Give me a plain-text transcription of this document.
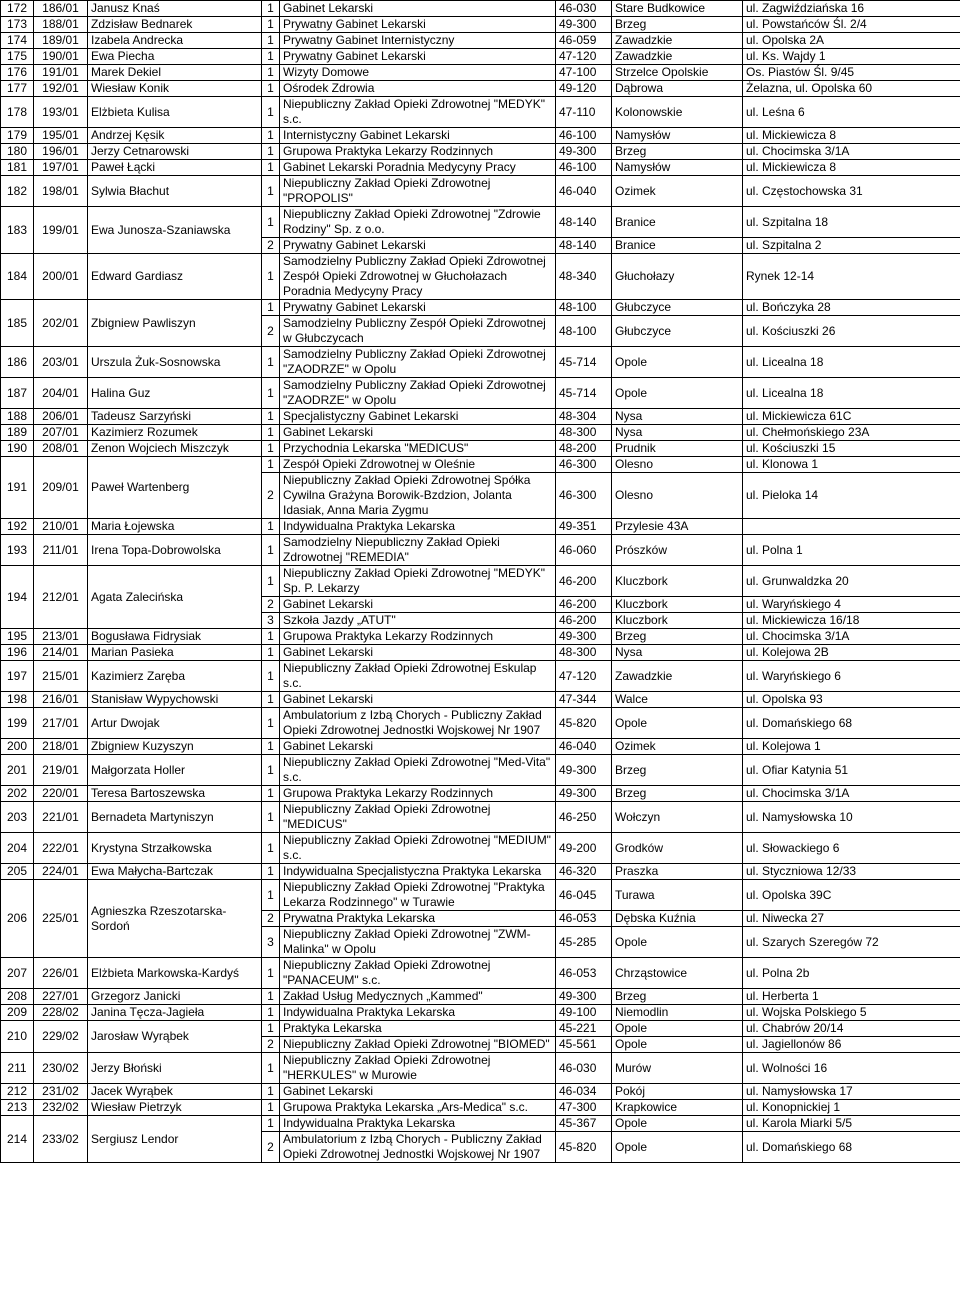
172	186/01	Janusz Knaś	1	Gabinet Lekarski	46-030	Stare Budkowice	ul. Zagwiździańska 16
173	188/01	Zdzisław Bednarek	1	Prywatny Gabinet Lekarski	49-300	Brzeg	ul. Powstańców Śl. 2/4
174	189/01	Izabela Andrecka	1	Prywatny Gabinet Internistyczny	46-059	Zawadzkie	ul. Opolska 2A
175	190/01	Ewa Piecha	1	Prywatny Gabinet Lekarski	47-120	Zawadzkie	ul. Ks. Wajdy 1
176	191/01	Marek Dekiel	1	Wizyty Domowe	47-100	Strzelce Opolskie	Os. Piastów Śl. 9/45
177	192/01	Wiesław Konik	1	Ośrodek Zdrowia	49-120	Dąbrowa	Żelazna, ul. Opolska 60
178	193/01	Elżbieta Kulisa	1	Niepubliczny Zakład Opieki Zdrowotnej "MEDYK" s.c.	47-110	Kolonowskie	ul. Leśna 6
179	195/01	Andrzej Kęsik	1	Internistyczny Gabinet Lekarski	46-100	Namysłów	ul. Mickiewicza 8
180	196/01	Jerzy Cetnarowski	1	Grupowa Praktyka Lekarzy Rodzinnych	49-300	Brzeg	ul. Chocimska 3/1A
181	197/01	Paweł Łącki	1	Gabinet Lekarski Poradnia Medycyny Pracy	46-100	Namysłów	ul. Mickiewicza 8
182	198/01	Sylwia Błachut	1	Niepubliczny Zakład Opieki Zdrowotnej "PROPOLIS"	46-040	Ozimek	ul. Częstochowska 31
183	199/01	Ewa Junosza-Szaniawska	1	Niepubliczny Zakład Opieki Zdrowotnej "Zdrowie Rodziny" Sp. z o.o.	48-140	Branice	ul. Szpitalna 18
			2	Prywatny Gabinet Lekarski	48-140	Branice	ul. Szpitalna 2
184	200/01	Edward Gardiasz	1	Samodzielny Publiczny Zakład Opieki Zdrowotnej Zespół Opieki Zdrowotnej w Głuchołazach Poradnia Medycyny Pracy	48-340	Głuchołazy	Rynek 12-14
185	202/01	Zbigniew Pawliszyn	1	Prywatny Gabinet Lekarski	48-100	Głubczyce	ul. Bończyka 28
			2	Samodzielny Publiczny Zespół Opieki Zdrowotnej w Głubczycach	48-100	Głubczyce	ul. Kościuszki 26
186	203/01	Urszula Żuk-Sosnowska	1	Samodzielny Publiczny Zakład Opieki Zdrowotnej "ZAODRZE" w Opolu	45-714	Opole	ul. Licealna 18
187	204/01	Halina Guz	1	Samodzielny Publiczny Zakład Opieki Zdrowotnej "ZAODRZE" w Opolu	45-714	Opole	ul. Licealna 18
188	206/01	Tadeusz Sarzyński	1	Specjalistyczny Gabinet Lekarski	48-304	Nysa	ul. Mickiewicza 61C
189	207/01	Kazimierz Rozumek	1	Gabinet Lekarski	48-300	Nysa	ul. Chełmońskiego 23A
190	208/01	Zenon Wojciech Miszczyk	1	Przychodnia Lekarska "MEDICUS"	48-200	Prudnik	ul. Kościuszki 15
191	209/01	Paweł Wartenberg	1	Zespół Opieki Zdrowotnej w Oleśnie	46-300	Olesno	ul. Klonowa 1
			2	Niepubliczny Zakład Opieki Zdrowotnej Spółka Cywilna Grażyna Borowik-Bzdzion, Jolanta Idasiak, Anna Maria Zygmu	46-300	Olesno	ul. Pieloka 14
192	210/01	Maria Łojewska	1	Indywidualna Praktyka Lekarska	49-351	Przylesie 43A	
193	211/01	Irena Topa-Dobrowolska	1	Samodzielny Niepubliczny Zakład Opieki Zdrowotnej "REMEDIA"	46-060	Prószków	ul. Polna 1
194	212/01	Agata Zalecińska	1	Niepubliczny Zakład Opieki Zdrowotnej "MEDYK" Sp. P. Lekarzy	46-200	Kluczbork	ul. Grunwaldzka 20
			2	Gabinet Lekarski	46-200	Kluczbork	ul. Waryńskiego 4
			3	Szkoła Jazdy „ATUT"	46-200	Kluczbork	ul. Mickiewicza 16/18
195	213/01	Bogusława Fidrysiak	1	Grupowa Praktyka Lekarzy Rodzinnych	49-300	Brzeg	ul. Chocimska 3/1A
196	214/01	Marian Pasieka	1	Gabinet Lekarski	48-300	Nysa	ul. Kolejowa 2B
197	215/01	Kazimierz Zaręba	1	Niepubliczny Zakład Opieki Zdrowotnej Eskulap s.c.	47-120	Zawadzkie	ul. Waryńskiego 6
198	216/01	Stanisław Wypychowski	1	Gabinet Lekarski	47-344	Walce	ul. Opolska 93
199	217/01	Artur Dwojak	1	Ambulatorium z Izbą Chorych - Publiczny Zakład Opieki Zdrowotnej Jednostki Wojskowej Nr 1907	45-820	Opole	ul. Domańskiego 68
200	218/01	Zbigniew Kuzyszyn	1	Gabinet Lekarski	46-040	Ozimek	ul. Kolejowa 1
201	219/01	Małgorzata Holler	1	Niepubliczny Zakład Opieki Zdrowotnej "Med-Vita" s.c.	49-300	Brzeg	ul. Ofiar Katynia 51
202	220/01	Teresa Bartoszewska	1	Grupowa Praktyka Lekarzy Rodzinnych	49-300	Brzeg	ul. Chocimska 3/1A
203	221/01	Bernadeta Martyniszyn	1	Niepubliczny Zakład Opieki Zdrowotnej "MEDICUS"	46-250	Wołczyn	ul. Namysłowska 10
204	222/01	Krystyna Strzałkowska	1	Niepubliczny Zakład Opieki Zdrowotnej "MEDIUM" s.c.	49-200	Grodków	ul. Słowackiego 6
205	224/01	Ewa Małycha-Bartczak	1	Indywidualna Specjalistyczna Praktyka Lekarska	46-320	Praszka	ul. Styczniowa 12/33
206	225/01	Agnieszka Rzeszotarska-Sordoń	1	Niepubliczny Zakład Opieki Zdrowotnej "Praktyka Lekarza Rodzinnego" w Turawie	46-045	Turawa	ul. Opolska 39C
			2	Prywatna Praktyka Lekarska	46-053	Dębska Kuźnia	ul. Niwecka 27
			3	Niepubliczny Zakład Opieki Zdrowotnej "ZWM-Malinka" w Opolu	45-285	Opole	ul. Szarych Szeregów 72
207	226/01	Elżbieta Markowska-Kardyś	1	Niepubliczny Zakład Opieki Zdrowotnej "PANACEUM" s.c.	46-053	Chrząstowice	ul. Polna 2b
208	227/01	Grzegorz Janicki	1	Zakład Usług Medycznych „Kammed"	49-300	Brzeg	ul. Herberta 1
209	228/02	Janina Tęcza-Jagieła	1	Indywidualna Praktyka Lekarska	49-100	Niemodlin	ul. Wojska Polskiego 5
210	229/02	Jarosław Wyrąbek	1	Praktyka Lekarska	45-221	Opole	ul. Chabrów 20/14
			2	Niepubliczny Zakład Opieki Zdrowotnej "BIOMED"	45-561	Opole	ul. Jagiellonów 86
211	230/02	Jerzy Błoński	1	Niepubliczny Zakład Opieki Zdrowotnej "HERKULES" w Murowie	46-030	Murów	ul. Wolności 16
212	231/02	Jacek Wyrąbek	1	Gabinet Lekarski	46-034	Pokój	ul. Namysłowska 17
213	232/02	Wiesław Pietrzyk	1	Grupowa Praktyka Lekarska „Ars-Medica" s.c.	47-300	Krapkowice	ul. Konopnickiej 1
214	233/02	Sergiusz Lendor	1	Indywidualna Praktyka Lekarska	45-367	Opole	ul. Karola Miarki 5/5
			2	Ambulatorium z Izbą Chorych - Publiczny Zakład Opieki Zdrowotnej Jednostki Wojskowej Nr 1907	45-820	Opole	ul. Domańskiego 68
